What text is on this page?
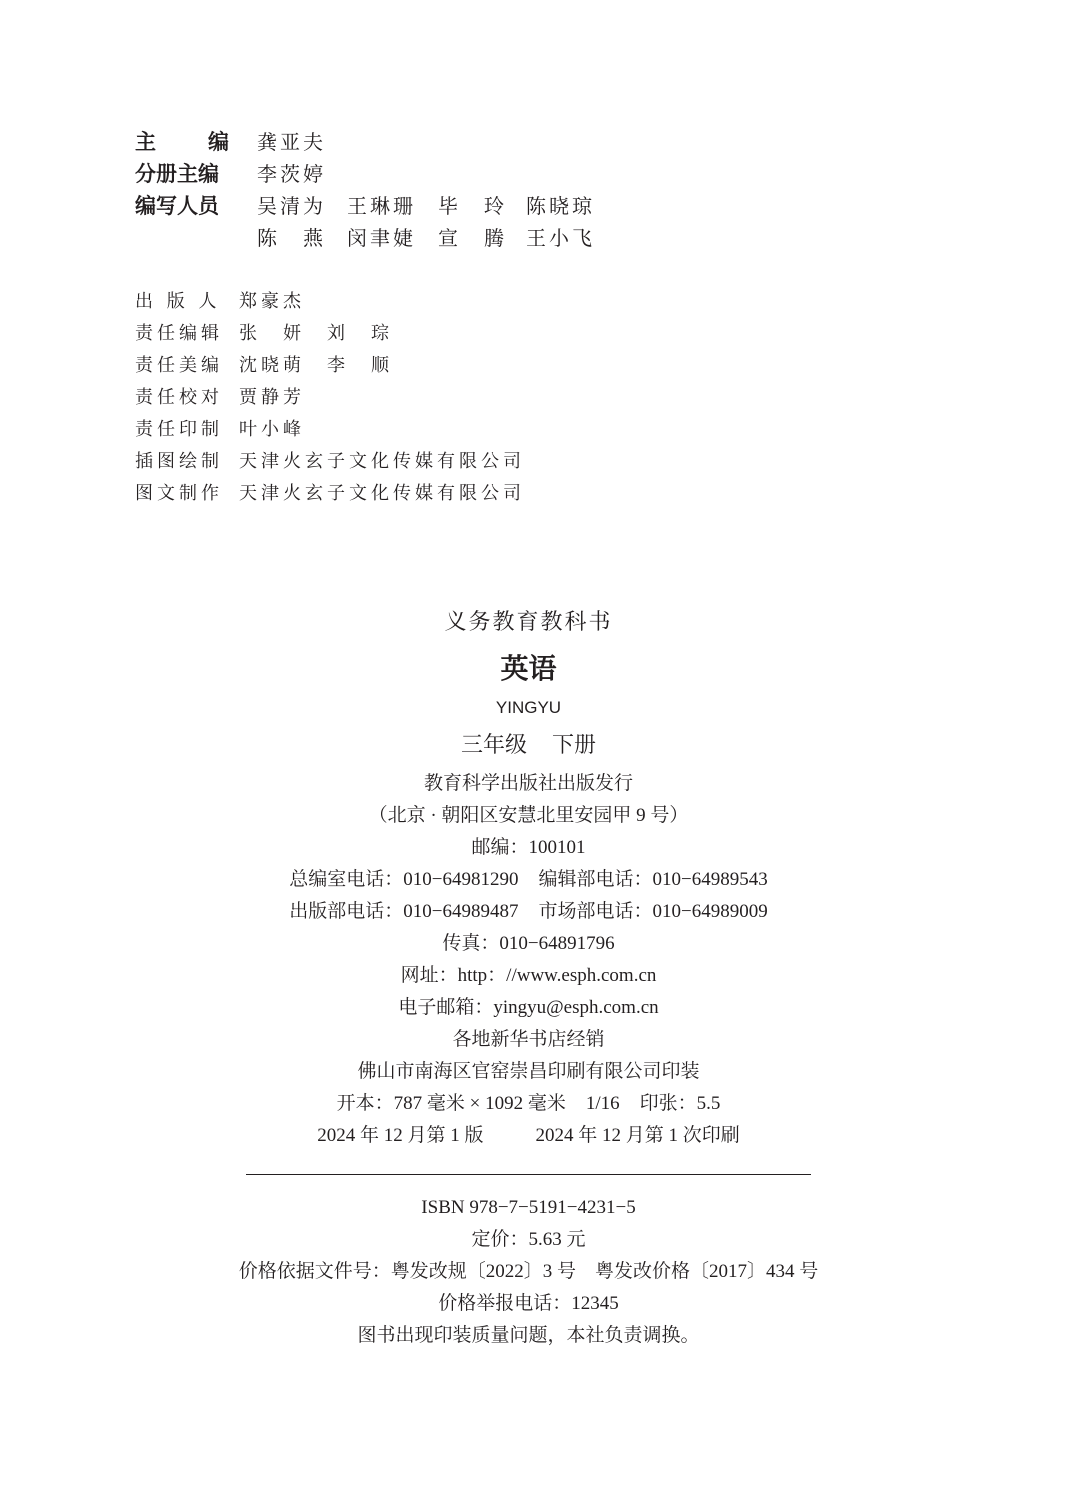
主 编 龚亚夫
分册主编	李茨婷
编写人员	吴清为	王琳珊	毕　玲 陈晓琼
陈　燕	闵聿婕	宣　腾 王小飞
出 版 人	郑豪杰
责任编辑 张　妍　刘　琮
责任美编 沈晓萌　李　顺
责任校对 贾静芳
责任印制 叶小峰
插图绘制 天津火玄子文化传媒有限公司
图文制作 天津火玄子文化传媒有限公司
义务教育教科书
英语
YINGYU
三年级 下册
教育科学出版社出版发行
（北京 · 朝阳区安慧北里安园甲 9 号）
邮编：100101
总编室电话：010−64981290 编辑部电话：010−64989543
出版部电话：010−64989487 市场部电话：010−64989009
传真：010−64891796
网址：http：//www.esph.com.cn
电子邮箱：yingyu@esph.com.cn
各地新华书店经销
佛山市南海区官窑崇昌印刷有限公司印装
开本：787 毫米 × 1092 毫米 1/16 印张：5.5
2024 年 12 月第 1 版	2024 年 12 月第 1 次印刷
ISBN 978−7−5191−4231−5
定价：5.63 元
价格依据文件号：粤发改规〔2022〕3 号　粤发改价格〔2017〕434 号
价格举报电话：12345
图书出现印装质量问题，本社负责调换。
